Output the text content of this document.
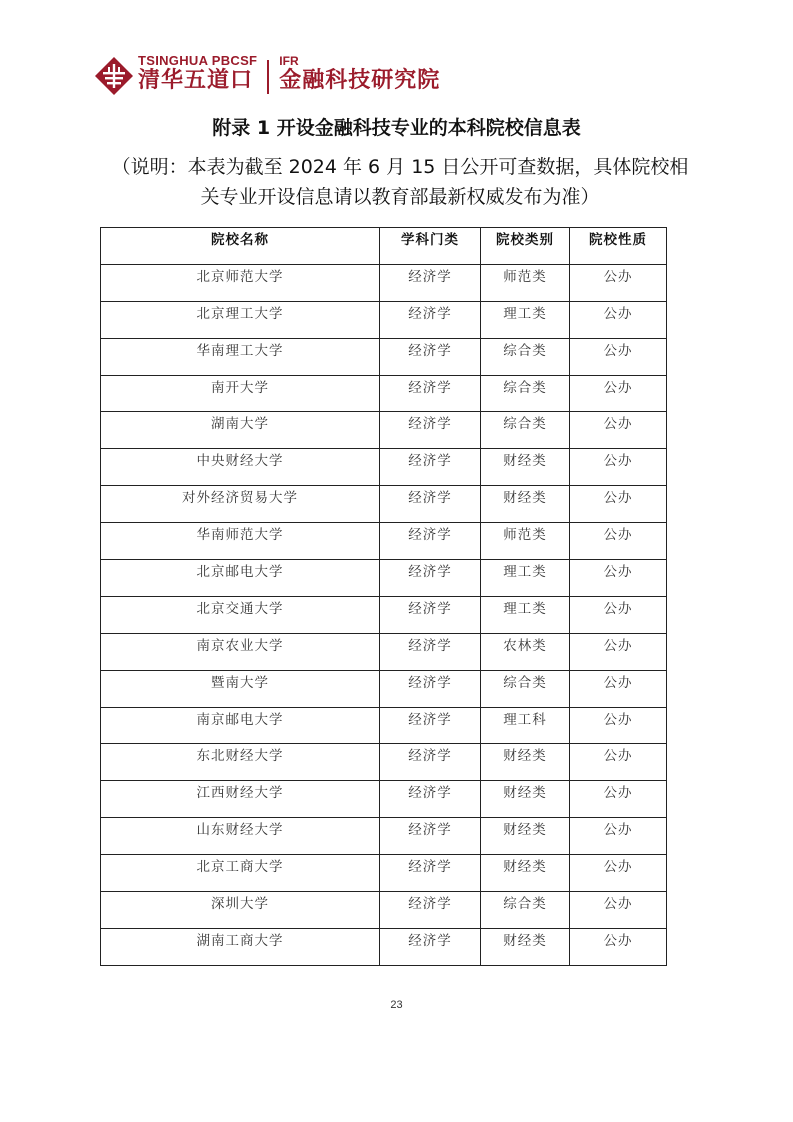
TSINGHUA PBCSF
清华五道口
IFR
金融科技研究院
附录 1 开设金融科技专业的本科院校信息表
（说明：本表为截至 2024 年 6 月 15 日公开可查数据，具体院校相
关专业开设信息请以教育部最新权威发布为准）
院校名称	学科门类	院校类别	院校性质
北京师范大学	经济学	师范类	公办
北京理工大学	经济学	理工类	公办
华南理工大学	经济学	综合类	公办
南开大学	经济学	综合类	公办
湖南大学	经济学	综合类	公办
中央财经大学	经济学	财经类	公办
对外经济贸易大学	经济学	财经类	公办
华南师范大学	经济学	师范类	公办
北京邮电大学	经济学	理工类	公办
北京交通大学	经济学	理工类	公办
南京农业大学	经济学	农林类	公办
暨南大学	经济学	综合类	公办
南京邮电大学	经济学	理工科	公办
东北财经大学	经济学	财经类	公办
江西财经大学	经济学	财经类	公办
山东财经大学	经济学	财经类	公办
北京工商大学	经济学	财经类	公办
深圳大学	经济学	综合类	公办
湖南工商大学	经济学	财经类	公办
23
